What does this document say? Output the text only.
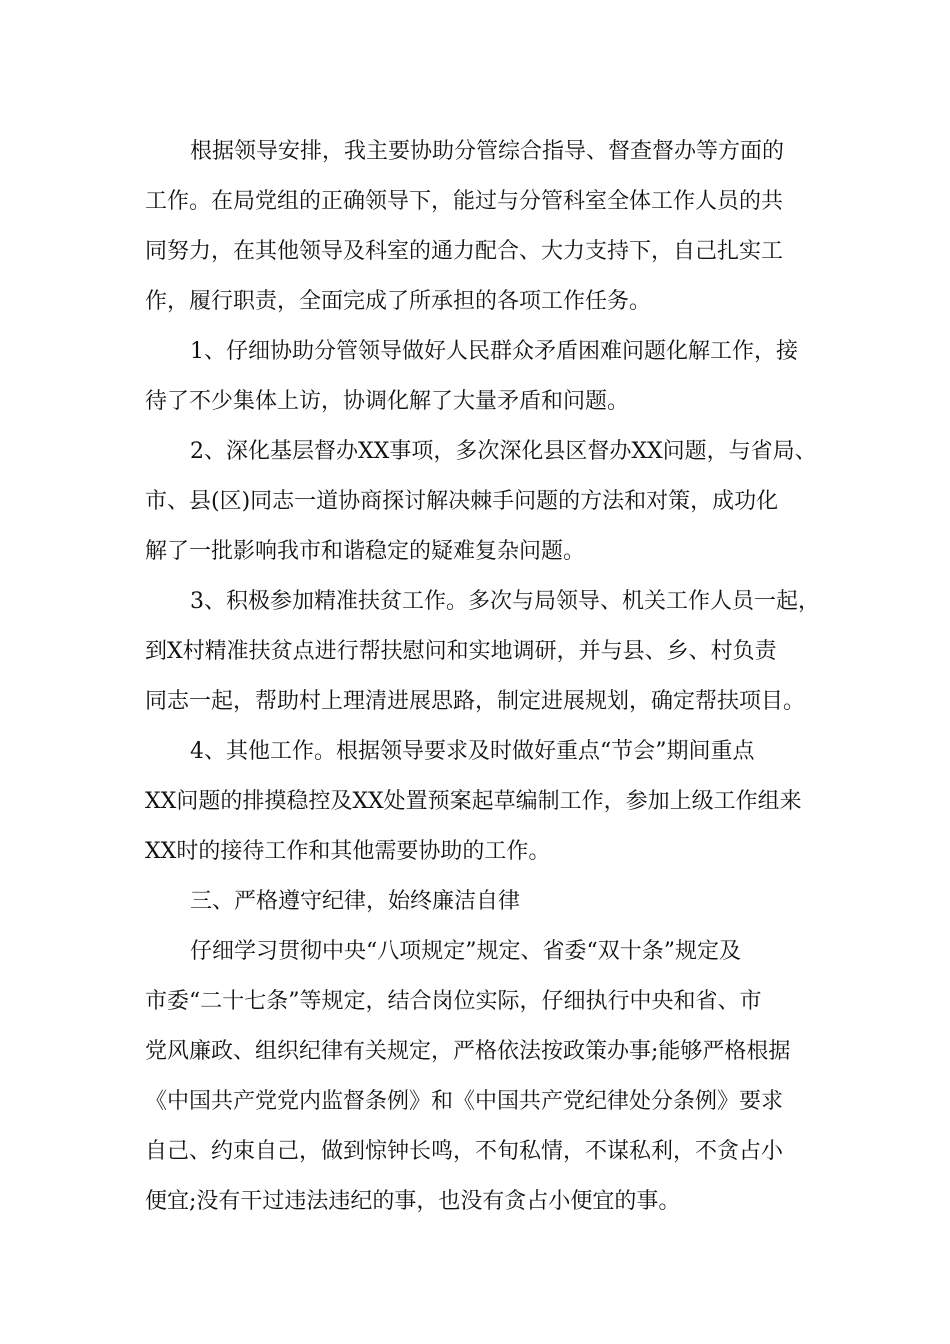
根据领导安排，我主要协助分管综合指导、督查督办等方面的

工作。在局党组的正确领导下，能过与分管科室全体工作人员的共

同努力，在其他领导及科室的通力配合、大力支持下，自己扎实工

作，履行职责，全面完成了所承担的各项工作任务。

1、仔细协助分管领导做好人民群众矛盾困难问题化解工作，接

待了不少集体上访，协调化解了大量矛盾和问题。

2、深化基层督办XX事项，多次深化县区督办XX问题，与省局、

市、县(区)同志一道协商探讨解决棘手问题的方法和对策，成功化

解了一批影响我市和谐稳定的疑难复杂问题。

3、积极参加精准扶贫工作。多次与局领导、机关工作人员一起，

到X村精准扶贫点进行帮扶慰问和实地调研，并与县、乡、村负责

同志一起，帮助村上理清进展思路，制定进展规划，确定帮扶项目。

4、其他工作。根据领导要求及时做好重点“节会”期间重点

XX问题的排摸稳控及XX处置预案起草编制工作，参加上级工作组来

XX时的接待工作和其他需要协助的工作。

三、严格遵守纪律，始终廉洁自律

仔细学习贯彻中央“八项规定”规定、省委“双十条”规定及

市委“二十七条”等规定，结合岗位实际，仔细执行中央和省、市

党风廉政、组织纪律有关规定，严格依法按政策办事;能够严格根据

《中国共产党党内监督条例》和《中国共产党纪律处分条例》要求

自己、约束自己，做到惊钟长鸣，不旬私情，不谋私利，不贪占小

便宜;没有干过违法违纪的事，也没有贪占小便宜的事。
